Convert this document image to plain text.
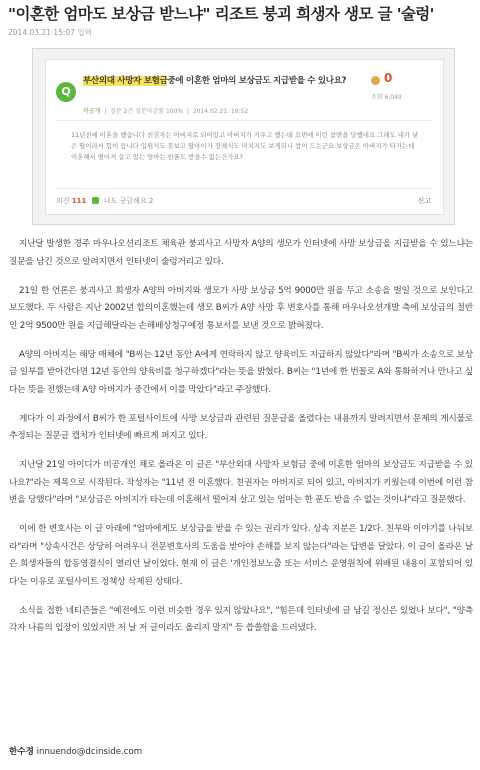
"이혼한 엄마도 보상금 받느냐" 리조트 붕괴 희생자 생모 글 '술렁'
2014.03.21 15:07 입력
Q
부산외대 사망자 보험금중에 이혼한 엄마의 보상금도 지급받을 수 있나요?
비공개  |  질문 2건 질문마감률 100%  |  2014.02.21. 19:52
0
조회 6,049
11년전에 이혼을 했습니다 친권자는 아버지로 되어있고 아버지가 키우고 했는데 요번에 이런 참변을 당했네요 그래도 내가 낳은 딸이라서 힘이 듭니다 입원식도 못보고 딸아이가 장례식도 미치지도 보게되니 참이 드는군요 보상금은 아버지가 타가는데 이혼해서 떨어져 살고 있는 엄마는 한푼도 받을수 없는건가요?
의견 111 나도 궁금해요 2	신고

지난달 발생한 경주 마우나오션리조트 체육관 붕괴사고 사망자 A양의 생모가 인터넷에 사망 보상금을 지급받을 수 있느냐는 질문을 남긴 것으로 알려지면서 인터넷이 술렁거리고 있다.

21일 한 언론은 붕괴사고 희생자 A양의 아버지와 생모가 사망 보상금 5억 9000만 원을 두고 소송을 벌일 것으로 보인다고 보도했다. 두 사람은 지난 2002년 합의이혼했는데 생모 B씨가 A양 사망 후 변호사를 통해 마우나오션개발 측에 보상금의 절반인 2억 9500만 원을 지급해달라는 손해배상청구예정 통보서를 보낸 것으로 밝혀졌다.

A양의 아버지는 해당 매체에 "B씨는 12년 동안 A에게 연락하지 않고 양육비도 지급하지 않았다"라며 "B씨가 소송으로 보상금 일부를 받아간다면 12년 동안의 양육비를 청구하겠다"라는 뜻을 밝혔다. B씨는 "1년에 한 번꼴로 A와 통화하거나 만나고 싶다는 뜻을 전했는데 A양 아버지가 중간에서 이를 막았다"라고 주장했다.

게다가 이 과정에서 B씨가 한 포털사이트에 사망 보상금과 관련된 질문글을 올렸다는 내용까지 알려지면서 문제의 게시물로 추정되는 질문글 캡처가 인터넷에 빠르게 퍼지고 있다.

지난달 21일 아이디가 비공개인 채로 올라온 이 글은 "부산외대 사망자 보험금 중에 이혼한 엄마의 보상금도 지급받을 수 있나요?"라는 제목으로 시작된다. 작성자는 "11년 전 이혼했다. 친권자는 아버지로 되어 있고, 아버지가 키웠는데 이번에 이런 참변을 당했다"라며 "보상금은 아버지가 타는데 이혼해서 떨어져 살고 있는 엄마는 한 푼도 받을 수 없는 것이냐"라고 질문했다.

이에 한 변호사는 이 글 아래에 "엄마에게도 보상금을 받을 수 있는 권리가 있다. 상속 지분은 1/2다. 친부와 이야기를 나눠보라"라며 "상속사건은 상당히 어려우니 전문변호사의 도움을 받아야 손해를 보지 않는다"라는 답변을 달았다. 이 글이 올라온 날은 희생자들의 합동영결식이 열리던 날이었다. 현재 이 글은 '개인정보노출 또는 서비스 운영원칙에 위배된 내용이 포함되어 있다'는 이유로 포털사이트 정책상 삭제된 상태다.

소식을 접한 네티즌들은 "예전에도 이런 비슷한 경우 있지 않았나요", "힘든데 인터넷에 글 남길 정신은 있었나 보다", "양측 각자 나름의 입장이 있었지만 저 날 저 글이라도 올리지 말지" 등 씁쓸함을 드러냈다.

한수경 innuendo@dcinside.com
